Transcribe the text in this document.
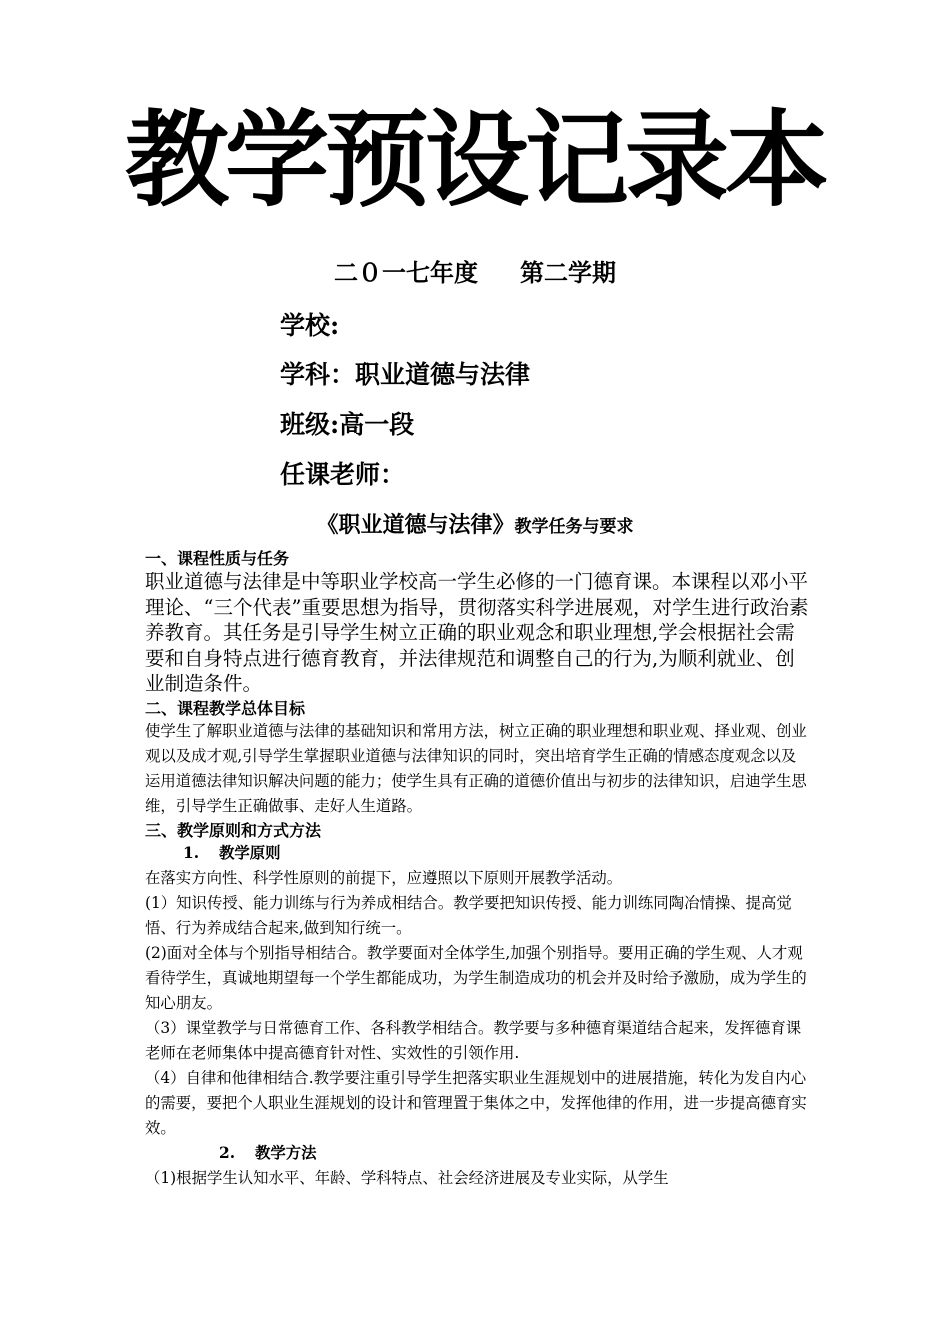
教学预设记录本
二０一七年度 第二学期
学校:
学科：职业道德与法律
班级:高一段
任课老师：
《职业道德与法律》教学任务与要求
一、课程性质与任务
职业道德与法律是中等职业学校高一学生必修的一门德育课。本课程以邓小平理论、“三个代表”重要思想为指导，贯彻落实科学进展观，对学生进行政治素养教育。其任务是引导学生树立正确的职业观念和职业理想,学会根据社会需要和自身特点进行德育教育，并法律规范和调整自己的行为,为顺利就业、创业制造条件。
二、课程教学总体目标
使学生了解职业道德与法律的基础知识和常用方法，树立正确的职业理想和职业观、择业观、创业观以及成才观,引导学生掌握职业道德与法律知识的同时，突出培育学生正确的情感态度观念以及运用道德法律知识解决问题的能力；使学生具有正确的道德价值出与初步的法律知识，启迪学生思维，引导学生正确做事、走好人生道路。
三、教学原则和方式方法
1. 教学原则
在落实方向性、科学性原则的前提下，应遵照以下原则开展教学活动。
(1）知识传授、能力训练与行为养成相结合。教学要把知识传授、能力训练同陶冶情操、提高觉悟、行为养成结合起来,做到知行统一。
(2)面对全体与个别指导相结合。教学要面对全体学生,加强个别指导。要用正确的学生观、人才观看待学生，真诚地期望每一个学生都能成功，为学生制造成功的机会并及时给予激励，成为学生的知心朋友。
（3）课堂教学与日常德育工作、各科教学相结合。教学要与多种德育渠道结合起来，发挥德育课老师在老师集体中提高德育针对性、实效性的引领作用.
（4）自律和他律相结合.教学要注重引导学生把落实职业生涯规划中的进展措施，转化为发自内心的需要，要把个人职业生涯规划的设计和管理置于集体之中，发挥他律的作用，进一步提高德育实效。
2. 教学方法
（1)根据学生认知水平、年龄、学科特点、社会经济进展及专业实际，从学生
